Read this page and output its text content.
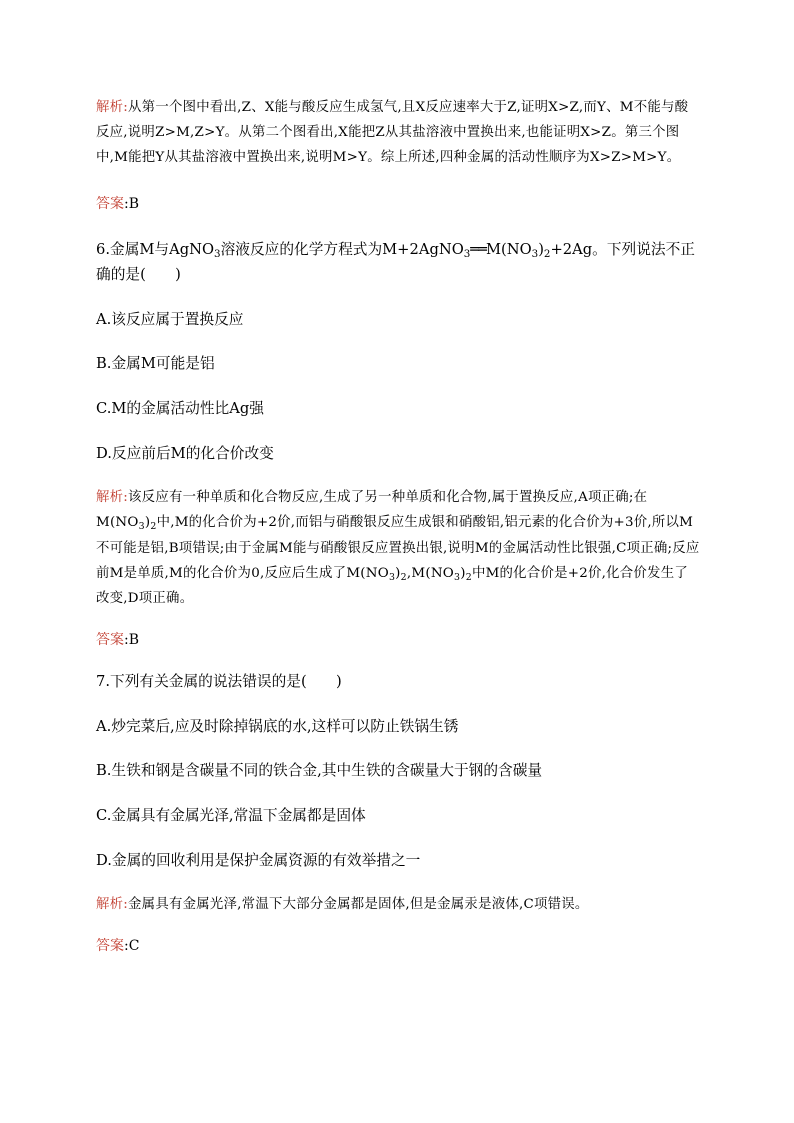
解析:从第一个图中看出,Z、X能与酸反应生成氢气,且X反应速率大于Z,证明X>Z,而Y、M不能与酸反应,说明Z>M,Z>Y。从第二个图看出,X能把Z从其盐溶液中置换出来,也能证明X>Z。第三个图中,M能把Y从其盐溶液中置换出来,说明M>Y。综上所述,四种金属的活动性顺序为X>Z>M>Y。

答案:B

6.金属M与AgNO$_3$溶液反应的化学方程式为$M+2AgNO_3══M(NO_3)_2+2Ag$。下列说法不正确的是(　　)

A.该反应属于置换反应

B.金属M可能是铝

C.M的金属活动性比Ag强

D.反应前后M的化合价改变

解析:该反应有一种单质和化合物反应,生成了另一种单质和化合物,属于置换反应,A项正确;在$M(NO_3)_2$中,M的化合价为+2价,而铝与硝酸银反应生成银和硝酸铝,铝元素的化合价为+3价,所以M不可能是铝,B项错误;由于金属M能与硝酸银反应置换出银,说明M的金属活动性比银强,C项正确;反应前M是单质,M的化合价为0,反应后生成了$M(NO_3)_2,M(NO_3)_2$中M的化合价是+2价,化合价发生了改变,D项正确。

答案:B

7.下列有关金属的说法错误的是(　　)

A.炒完菜后,应及时除掉锅底的水,这样可以防止铁锅生锈

B.生铁和钢是含碳量不同的铁合金,其中生铁的含碳量大于钢的含碳量

C.金属具有金属光泽,常温下金属都是固体

D.金属的回收利用是保护金属资源的有效举措之一

解析:金属具有金属光泽,常温下大部分金属都是固体,但是金属汞是液体,C项错误。

答案:C
